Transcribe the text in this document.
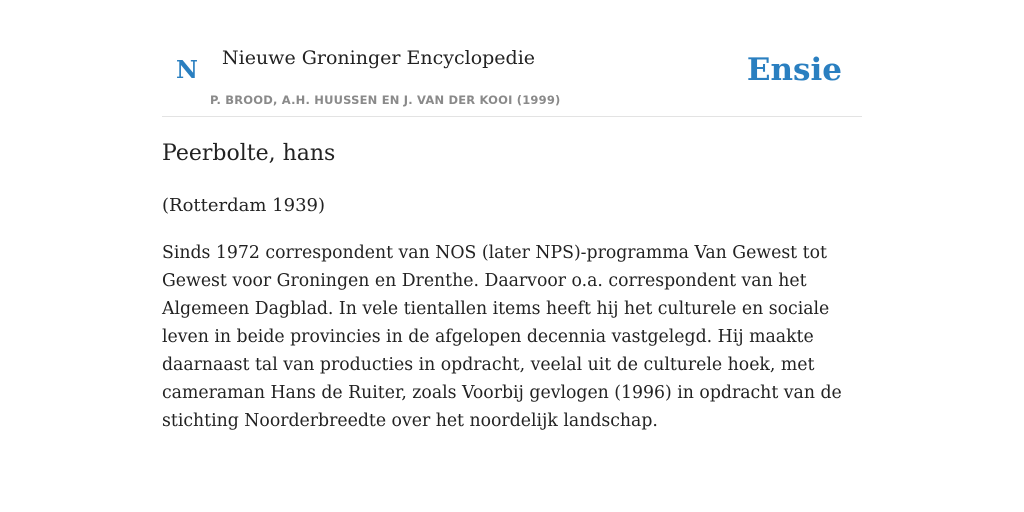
N Nieuwe Groninger Encyclopedie
P. BROOD, A.H. HUUSSEN EN J. VAN DER KOOI (1999)
Ensie
Peerbolte, hans

(Rotterdam 1939)

Sinds 1972 correspondent van NOS (later NPS)-programma Van Gewest tot Gewest voor Groningen en Drenthe. Daarvoor o.a. correspondent van het Algemeen Dagblad. In vele tientallen items heeft hij het culturele en sociale leven in beide provincies in de afgelopen decennia vastgelegd. Hij maakte daarnaast tal van producties in opdracht, veelal uit de culturele hoek, met cameraman Hans de Ruiter, zoals Voorbij gevlogen (1996) in opdracht van de stichting Noorderbreedte over het noordelijk landschap.
